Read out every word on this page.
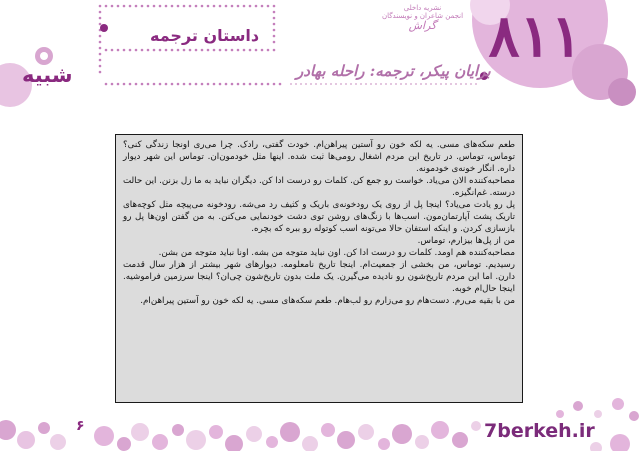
۸۱۱
نشریه داخلی
انجمن شاعران و نویسندگان
گراش
داستان ترجمه
شبیه	برایان پیکر، ترجمه: راحله بهادر

طعم سکه‌های مسی. یه لکه خون رو آستین پیراهن‌ام. خودت گفتی، رادک. چرا می‌ری اونجا زندگی کنی؟ توماس، توماس. در تاریخ این مردم اشغال رومی‌ها ثبت شده. اینها مثل خودمون‌ان. توماس این شهر دیوار داره. انگار خونه‌ی خودمونه.

مصاحبه‌کننده الان می‌یاد. خواست رو جمع کن. کلمات رو درست ادا کن. دیگران نباید به ما زل بزنن. این حالت درسته. غم‌انگیزه.

پل رو یادت می‌یاد؟ اینجا پل از روی یک رودخونه‌ی باریک و کثیف رد می‌شه. رودخونه می‌پیچه مثل کوچه‌های تاریک پشت آپارتمان‌مون. اسب‌ها با زنگ‌های روشن توی دشت خودنمایی می‌کنن. به من گفتن اون‌ها پل رو بازسازی کردن. و اینکه استفان حالا می‌تونه اسب کوتوله رو ببره که بچره.

من از پل‌ها بیزارم، توماس.

مصاحبه‌کننده هم اومد. کلمات رو درست ادا کن. اون نباید متوجه من بشه. اونا نباید متوجه من بشن.

رسیدیم. توماس، من بخشی از جمعیت‌ام. اینجا تاریخ نامعلومه. دیوارهای شهر بیشتر از هزار سال قدمت دارن. اما این مردم تاریخ‌شون رو نادیده می‌گیرن. یک ملت بدون تاریخ‌شون چی‌ان؟ اینجا سرزمین فراموشیه. اینجا حال‌ام خوبه.

من با بقیه می‌رم. دست‌هام رو می‌زارم رو لب‌هام. طعم سکه‌های مسی. یه لکه خون رو آستین پیراهن‌ام.

۶	7berkeh.ir
